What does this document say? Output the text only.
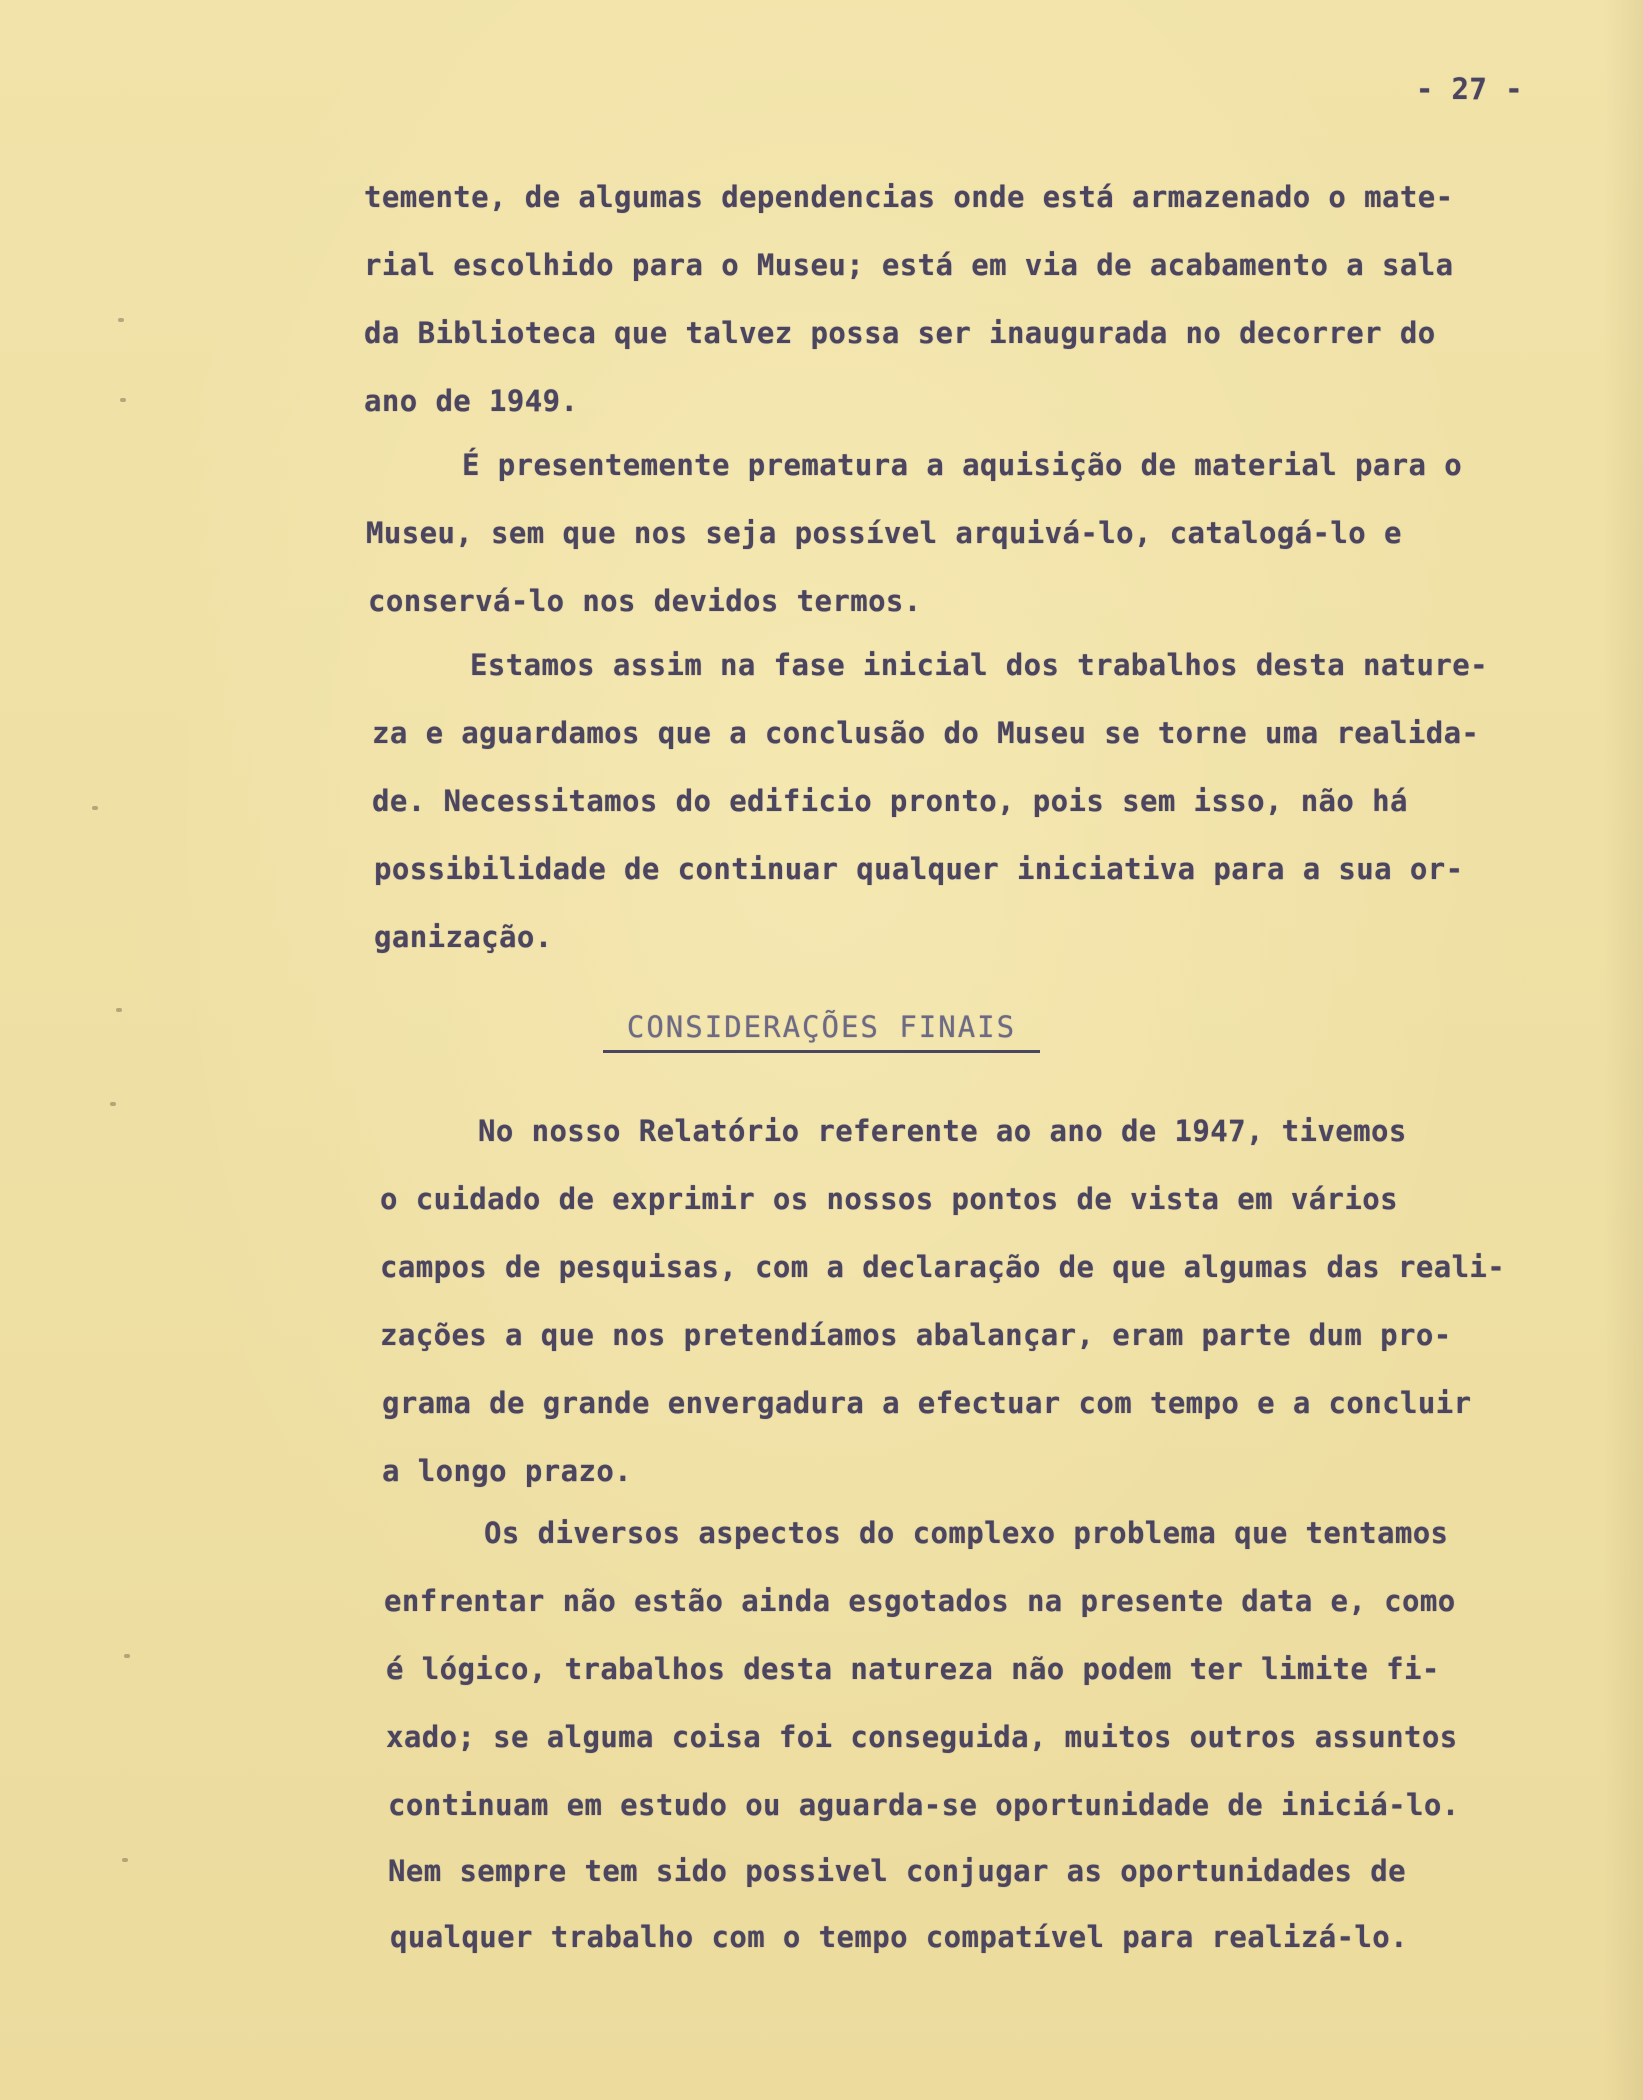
- 27 -
temente, de algumas dependencias onde está armazenado o mate-
rial escolhido para o Museu; está em via de acabamento a sala
da Biblioteca que talvez possa ser inaugurada no decorrer do
ano de 1949.
É presentemente prematura a aquisição de material para o
Museu, sem que nos seja possível arquivá-lo, catalogá-lo e
conservá-lo nos devidos termos.
Estamos assim na fase inicial dos trabalhos desta nature-
za e aguardamos que a conclusão do Museu se torne uma realida-
de. Necessitamos do edificio pronto, pois sem isso, não há
possibilidade de continuar qualquer iniciativa para a sua or-
ganização.
CONSIDERAÇÕES FINAIS
No nosso Relatório referente ao ano de 1947, tivemos
o cuidado de exprimir os nossos pontos de vista em vários
campos de pesquisas, com a declaração de que algumas das reali-
zações a que nos pretendíamos abalançar, eram parte dum pro-
grama de grande envergadura a efectuar com tempo e a concluir
a longo prazo.
Os diversos aspectos do complexo problema que tentamos
enfrentar não estão ainda esgotados na presente data e, como
é lógico, trabalhos desta natureza não podem ter limite fi-
xado; se alguma coisa foi conseguida, muitos outros assuntos
continuam em estudo ou aguarda-se oportunidade de iniciá-lo.
Nem sempre tem sido possivel conjugar as oportunidades de
qualquer trabalho com o tempo compatível para realizá-lo.
